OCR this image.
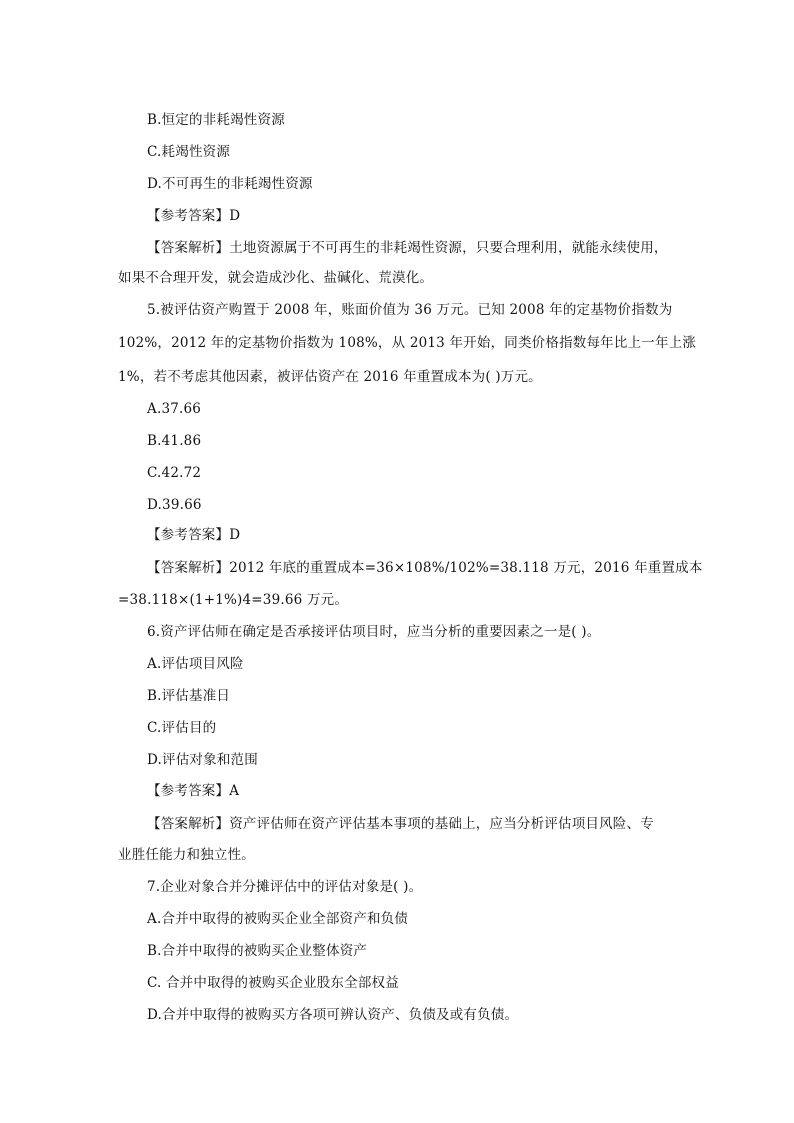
B.恒定的非耗竭性资源
C.耗竭性资源
D.不可再生的非耗竭性资源
【参考答案】D
【答案解析】土地资源属于不可再生的非耗竭性资源，只要合理利用，就能永续使用，
如果不合理开发，就会造成沙化、盐碱化、荒漠化。
5.被评估资产购置于 2008 年，账面价值为 36 万元。已知 2008 年的定基物价指数为
102%，2012 年的定基物价指数为 108%，从 2013 年开始，同类价格指数每年比上一年上涨
1%，若不考虑其他因素，被评估资产在 2016 年重置成本为( )万元。
A.37.66
B.41.86
C.42.72
D.39.66
【参考答案】D
【答案解析】2012 年底的重置成本=36×108%/102%=38.118 万元，2016 年重置成本
=38.118×(1+1%)4=39.66 万元。
6.资产评估师在确定是否承接评估项目时，应当分析的重要因素之一是( )。
A.评估项目风险
B.评估基准日
C.评估目的
D.评估对象和范围
【参考答案】A
【答案解析】资产评估师在资产评估基本事项的基础上，应当分析评估项目风险、专
业胜任能力和独立性。
7.企业对象合并分摊评估中的评估对象是( )。
A.合并中取得的被购买企业全部资产和负债
B.合并中取得的被购买企业整体资产
C. 合并中取得的被购买企业股东全部权益
D.合并中取得的被购买方各项可辨认资产、负债及或有负债。
